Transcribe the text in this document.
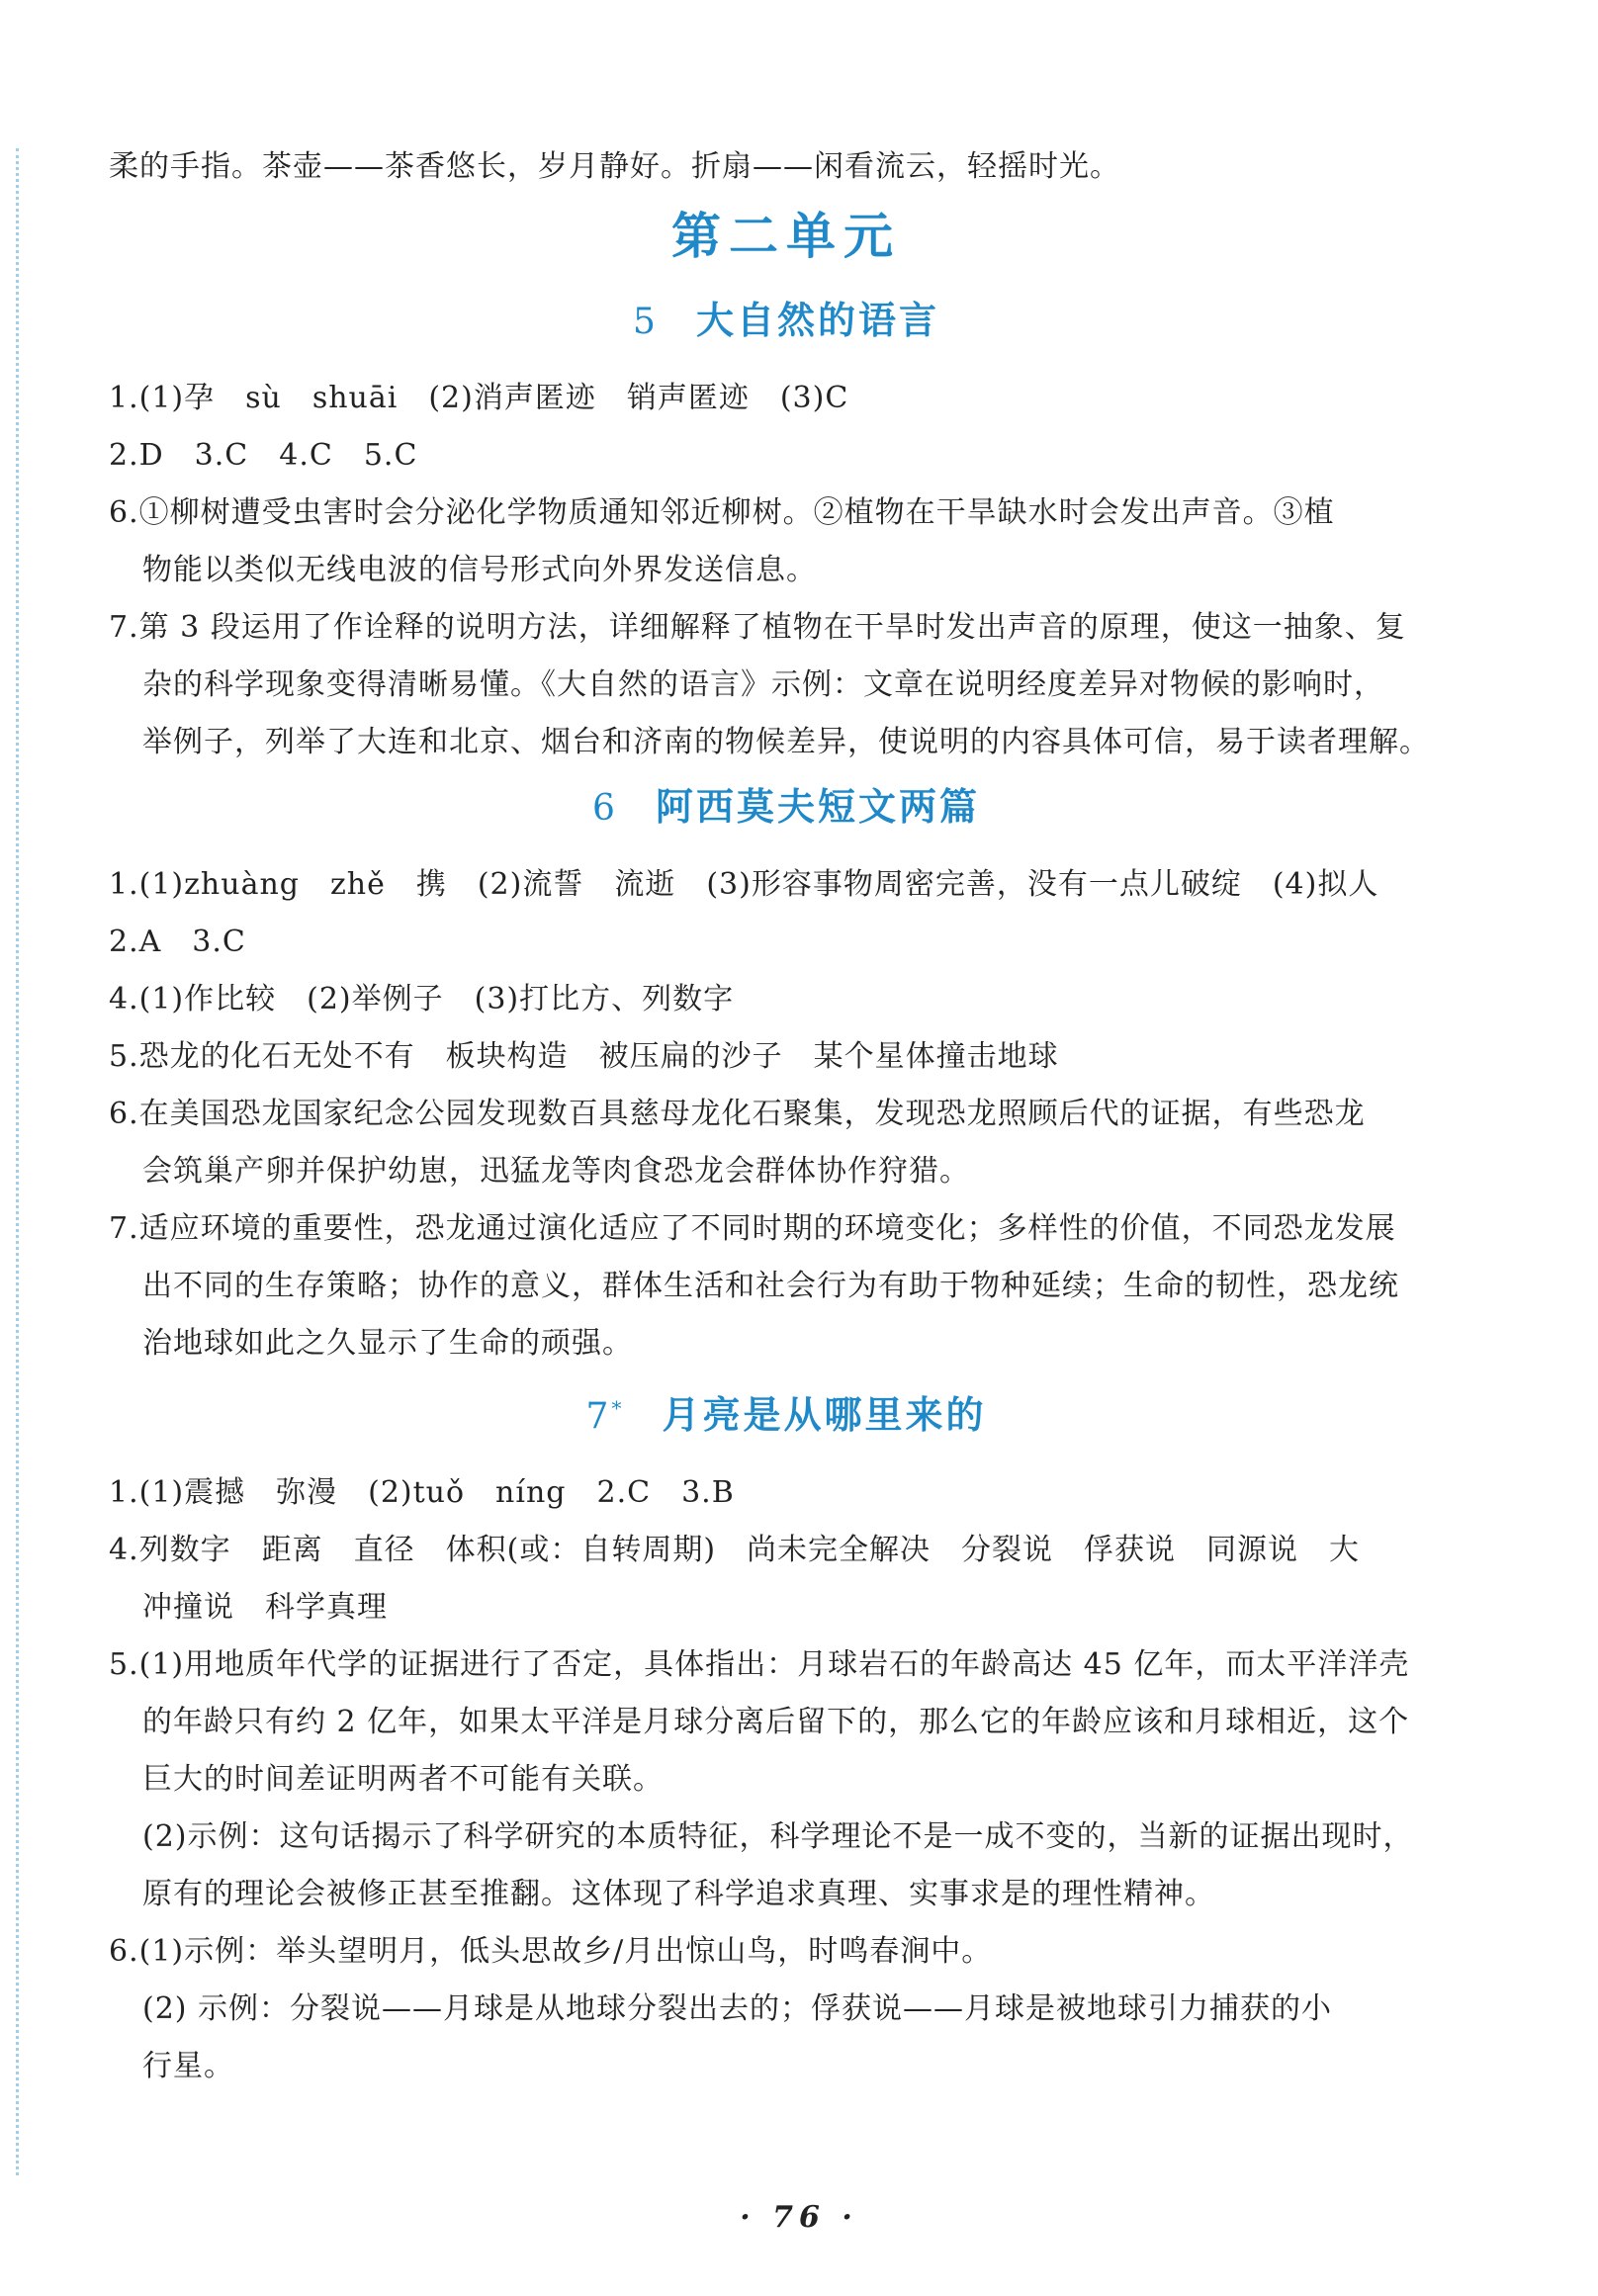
柔的手指。茶壶——茶香悠长，岁月静好。折扇——闲看流云，轻摇时光。

第二单元
5 大自然的语言

1.(1)孕　sù　shuāi　(2)消声匿迹　销声匿迹　(3)C

2.D　3.C　4.C　5.C

6.①柳树遭受虫害时会分泌化学物质通知邻近柳树。②植物在干旱缺水时会发出声音。③植

物能以类似无线电波的信号形式向外界发送信息。

7.第 3 段运用了作诠释的说明方法，详细解释了植物在干旱时发出声音的原理，使这一抽象、复

杂的科学现象变得清晰易懂。《大自然的语言》示例：文章在说明经度差异对物候的影响时，

举例子，列举了大连和北京、烟台和济南的物候差异，使说明的内容具体可信，易于读者理解。

6 阿西莫夫短文两篇

1.(1)zhuàng　zhě　携　(2)流誓　流逝　(3)形容事物周密完善，没有一点儿破绽　(4)拟人

2.A　3.C

4.(1)作比较　(2)举例子　(3)打比方、列数字

5.恐龙的化石无处不有　板块构造　被压扁的沙子　某个星体撞击地球

6.在美国恐龙国家纪念公园发现数百具慈母龙化石聚集，发现恐龙照顾后代的证据，有些恐龙

会筑巢产卵并保护幼崽，迅猛龙等肉食恐龙会群体协作狩猎。

7.适应环境的重要性，恐龙通过演化适应了不同时期的环境变化；多样性的价值，不同恐龙发展

出不同的生存策略；协作的意义，群体生活和社会行为有助于物种延续；生命的韧性，恐龙统

治地球如此之久显示了生命的顽强。

7* 月亮是从哪里来的

1.(1)震撼　弥漫　(2)tuǒ　níng　2.C　3.B

4.列数字　距离　直径　体积(或：自转周期)　尚未完全解决　分裂说　俘获说　同源说　大

冲撞说　科学真理

5.(1)用地质年代学的证据进行了否定，具体指出：月球岩石的年龄高达 45 亿年，而太平洋洋壳

的年龄只有约 2 亿年，如果太平洋是月球分离后留下的，那么它的年龄应该和月球相近，这个

巨大的时间差证明两者不可能有关联。

(2)示例：这句话揭示了科学研究的本质特征，科学理论不是一成不变的，当新的证据出现时，

原有的理论会被修正甚至推翻。这体现了科学追求真理、实事求是的理性精神。

6.(1)示例：举头望明月，低头思故乡/月出惊山鸟，时鸣春涧中。

(2) 示例：分裂说——月球是从地球分裂出去的；俘获说——月球是被地球引力捕获的小

行星。

· 76 ·
